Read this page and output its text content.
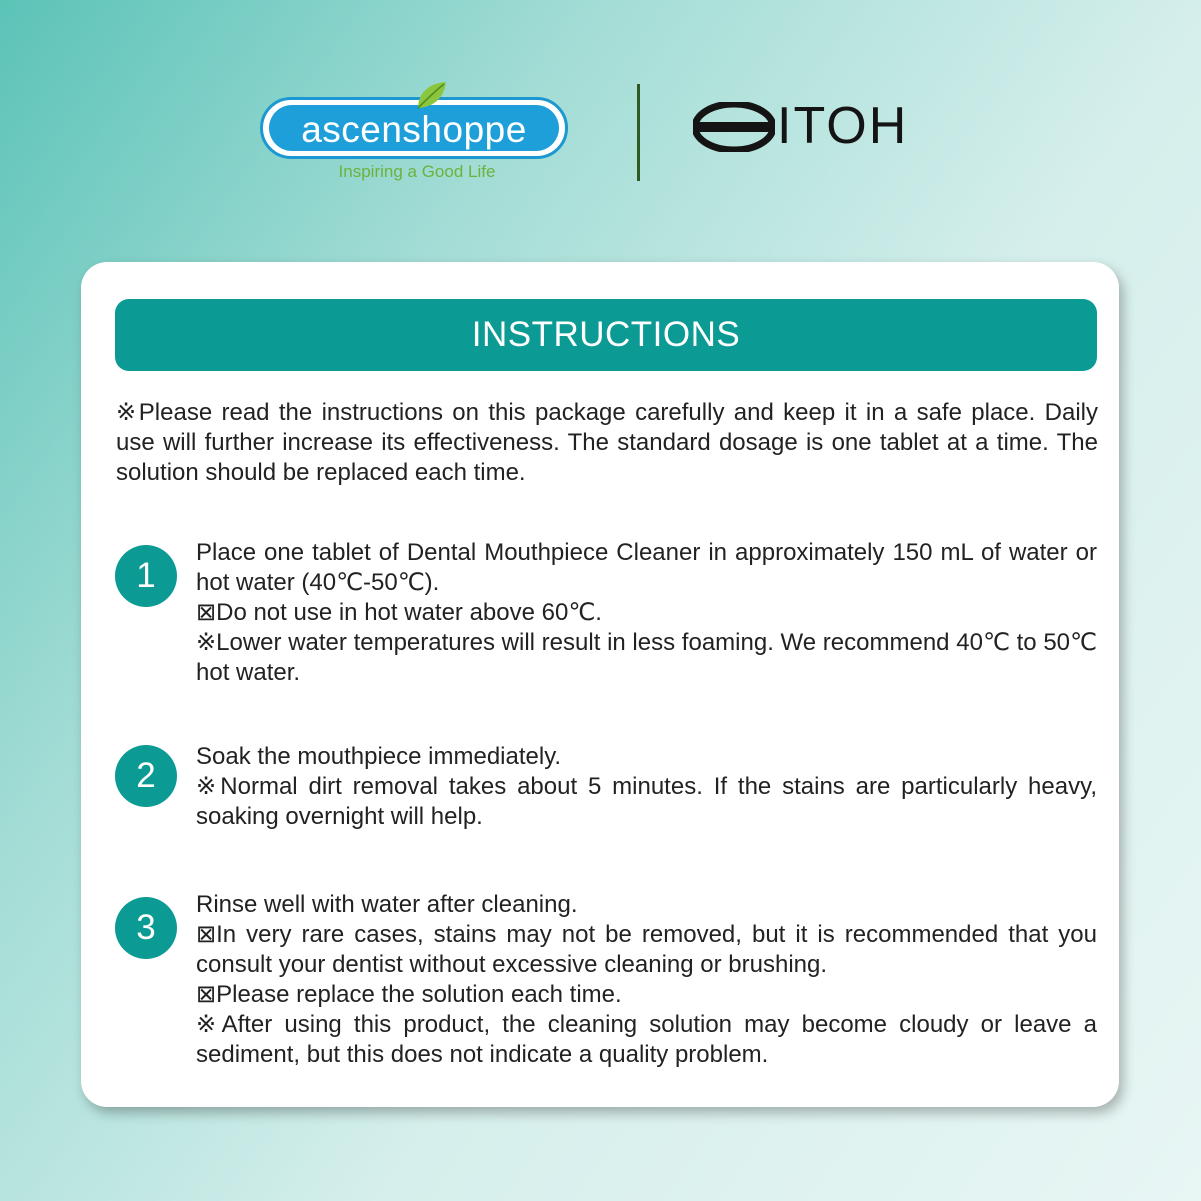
ascenshoppe
Inspiring a Good Life
ITOH
INSTRUCTIONS

※Please read the instructions on this package carefully and keep it in a safe place. Daily use will further increase its effectiveness. The standard dosage is one tablet at a time. The solution should be replaced each time.

1

Place one tablet of Dental Mouthpiece Cleaner in approximately 150 mL of water or hot water (40℃-50℃).

⊠Do not use in hot water above 60℃.

※Lower water temperatures will result in less foaming. We recommend 40℃ to 50℃ hot water.

2	Soak the mouthpiece immediately.

※Normal dirt removal takes about 5 minutes. If the stains are particularly heavy, soaking overnight will help.

3

Rinse well with water after cleaning.

⊠In very rare cases, stains may not be removed, but it is recommended that you consult your dentist without excessive cleaning or brushing.

⊠Please replace the solution each time.

※After using this product, the cleaning solution may become cloudy or leave a sediment, but this does not indicate a quality problem.
